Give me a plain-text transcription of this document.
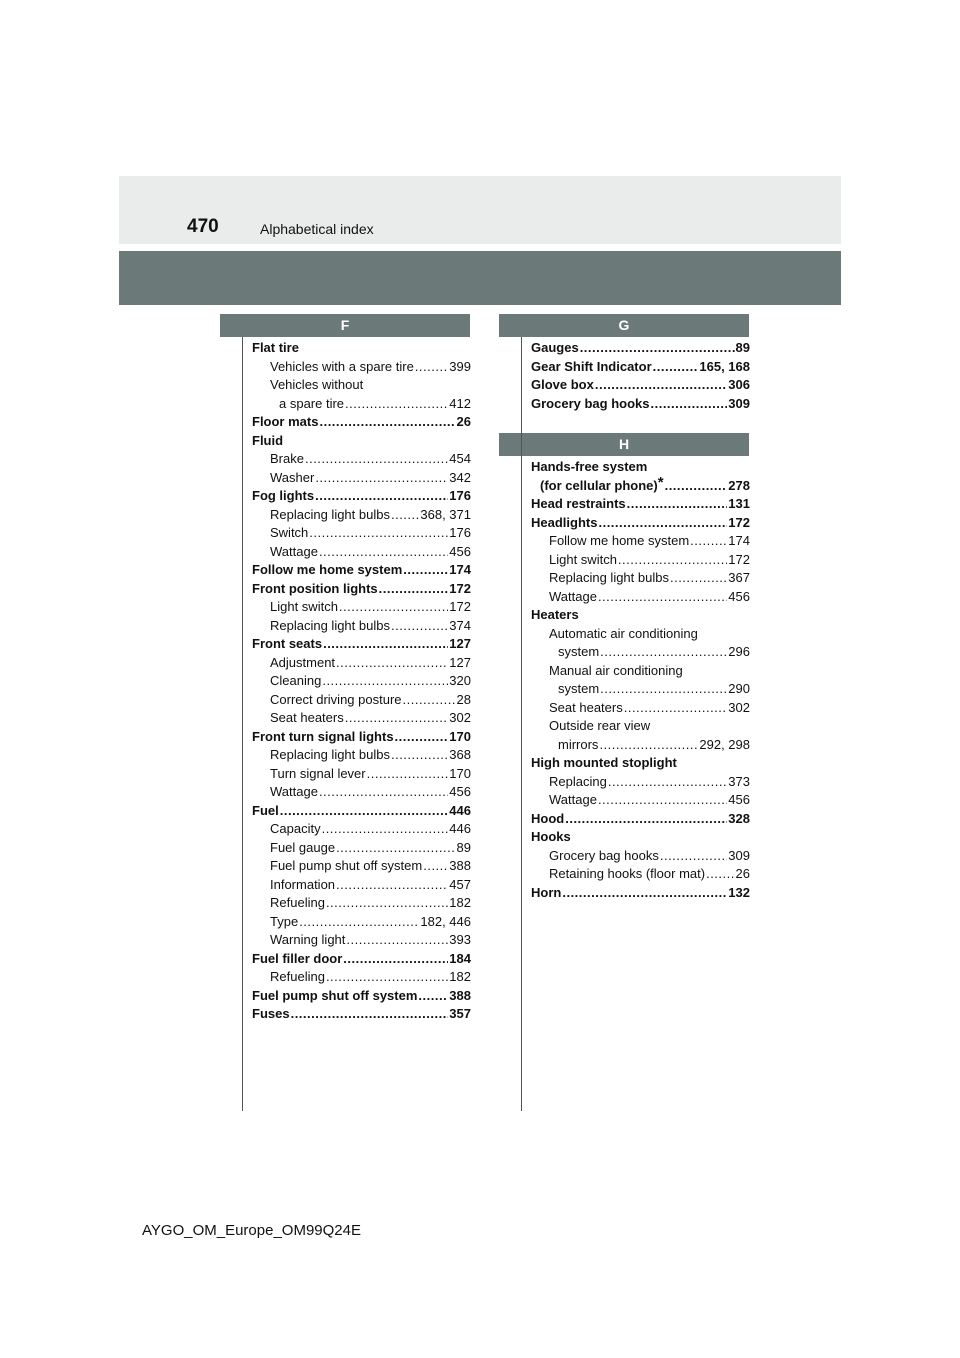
470	Alphabetical index
F	G
H
Flat tire
Vehicles with a spare tire .....	399
Vehicles without
a spare tire .....	412
Floor mats .....	26
Fluid
Brake .....	454
Washer .....	342
Fog lights .....	176
Replacing light bulbs ..... 368, 371
Switch .....	176
Wattage .....	456
Follow me home system .....	174
Front position lights .....	172
Light switch .....	172
Replacing light bulbs .....	374
Front seats .....	127
Adjustment .....	127
Cleaning .....	320
Correct driving posture .....	28
Seat heaters .....	302
Front turn signal lights .....	170
Replacing light bulbs .....	368
Turn signal lever .....	170
Wattage .....	456
Fuel .....	446
Capacity .....	446
Fuel gauge .....	89
Fuel pump shut off system ..... 388
Information .....	457
Refueling .....	182
Type .....	182, 446
Warning light .....	393
Fuel filler door .....	184
Refueling .....	182
Fuel pump shut off system ..... 388
Fuses .....	357
Gauges .....	89
Gear Shift Indicator .....	165, 168
Glove box .....	306
Grocery bag hooks .....	309
Hands-free system
(for cellular phone)* .....	278
Head restraints .....	131
Headlights .....	172
Follow me home system .....	174
Light switch .....	172
Replacing light bulbs .....	367
Wattage .....	456
Heaters
Automatic air conditioning
system .....	296
Manual air conditioning
system .....	290
Seat heaters .....	302
Outside rear view
mirrors .....	292, 298
High mounted stoplight
Replacing .....	373
Wattage .....	456
Hood .....	328
Hooks
Grocery bag hooks .....	309
Retaining hooks (floor mat) ..... 26
Horn .....	132
AYGO_OM_Europe_OM99Q24E
